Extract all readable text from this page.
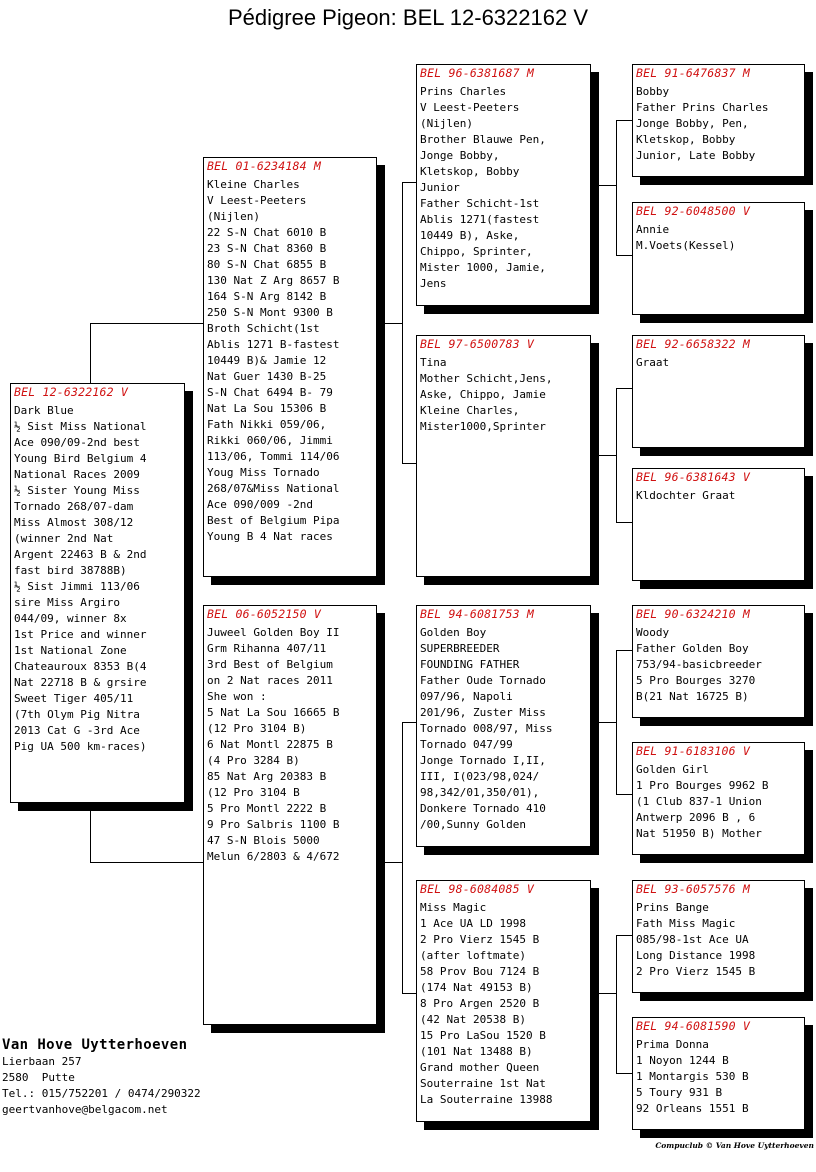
Pédigree Pigeon: BEL 12-6322162 V
BEL 12-6322162 V
Dark Blue
½ Sist Miss National
Ace 090/09-2nd best
Young Bird Belgium 4
National Races 2009
½ Sister Young Miss
Tornado 268/07-dam
Miss Almost 308/12
(winner 2nd Nat
Argent 22463 B & 2nd
fast bird 38788B)
½ Sist Jimmi 113/06
sire Miss Argiro
044/09, winner 8x
1st Price and winner
1st National Zone
Chateauroux 8353 B(4
Nat 22718 B & grsire
Sweet Tiger 405/11
(7th Olym Pig Nitra
2013 Cat G -3rd Ace
Pig UA 500 km-races)
BEL 01-6234184 M
Kleine Charles
V Leest-Peeters
(Nijlen)
22 S-N Chat 6010 B
23 S-N Chat 8360 B
80 S-N Chat 6855 B
130 Nat Z Arg 8657 B
164 S-N Arg 8142 B
250 S-N Mont 9300 B
Broth Schicht(1st
Ablis 1271 B-fastest
10449 B)& Jamie 12
Nat Guer 1430 B-25
S-N Chat 6494 B- 79
Nat La Sou 15306 B
Fath Nikki 059/06,
Rikki 060/06, Jimmi
113/06, Tommi 114/06
Youg Miss Tornado
268/07&Miss National
Ace 090/009 -2nd
Best of Belgium Pipa
Young B 4 Nat races
BEL 06-6052150 V
Juweel Golden Boy II
Grm Rihanna 407/11
3rd Best of Belgium
on 2 Nat races 2011
She won :
5 Nat La Sou 16665 B
(12 Pro 3104 B)
6 Nat Montl 22875 B
(4 Pro 3284 B)
85 Nat Arg 20383 B
(12 Pro 3104 B
5 Pro Montl 2222 B
9 Pro Salbris 1100 B
47 S-N Blois 5000
Melun 6/2803 & 4/672
BEL 96-6381687 M
Prins Charles
V Leest-Peeters
(Nijlen)
Brother Blauwe Pen,
Jonge Bobby,
Kletskop, Bobby
Junior
Father Schicht-1st
Ablis 1271(fastest
10449 B), Aske,
Chippo, Sprinter,
Mister 1000, Jamie,
Jens
BEL 97-6500783 V
Tina
Mother Schicht,Jens,
Aske, Chippo, Jamie
Kleine Charles,
Mister1000,Sprinter
BEL 94-6081753 M
Golden Boy
SUPERBREEDER
FOUNDING FATHER
Father Oude Tornado
097/96, Napoli
201/96, Zuster Miss
Tornado 008/97, Miss
Tornado 047/99
Jonge Tornado I,II,
III, I(023/98,024/
98,342/01,350/01),
Donkere Tornado 410
/00,Sunny Golden
BEL 98-6084085 V
Miss Magic
1 Ace UA LD 1998
2 Pro Vierz 1545 B
(after loftmate)
58 Prov Bou 7124 B
(174 Nat 49153 B)
8 Pro Argen 2520 B
(42 Nat 20538 B)
15 Pro LaSou 1520 B
(101 Nat 13488 B)
Grand mother Queen
Souterraine 1st Nat
La Souterraine 13988
BEL 91-6476837 M
Bobby
Father Prins Charles
Jonge Bobby, Pen,
Kletskop, Bobby
Junior, Late Bobby
BEL 92-6048500 V
Annie
M.Voets(Kessel)
BEL 92-6658322 M
Graat
BEL 96-6381643 V
Kldochter Graat
BEL 90-6324210 M
Woody
Father Golden Boy
753/94-basicbreeder
5 Pro Bourges 3270
B(21 Nat 16725 B)
BEL 91-6183106 V
Golden Girl
1 Pro Bourges 9962 B
(1 Club 837-1 Union
Antwerp 2096 B , 6
Nat 51950 B) Mother
BEL 93-6057576 M
Prins Bange
Fath Miss Magic
085/98-1st Ace UA
Long Distance 1998
2 Pro Vierz 1545 B
BEL 94-6081590 V
Prima Donna
1 Noyon 1244 B
1 Montargis 530 B
5 Toury 931 B
92 Orleans 1551 B
Van Hove Uytterhoeven
Lierbaan 257
2580  Putte
Tel.: 015/752201 / 0474/290322
geertvanhove@belgacom.net
Compuclub © Van Hove Uytterhoeven
